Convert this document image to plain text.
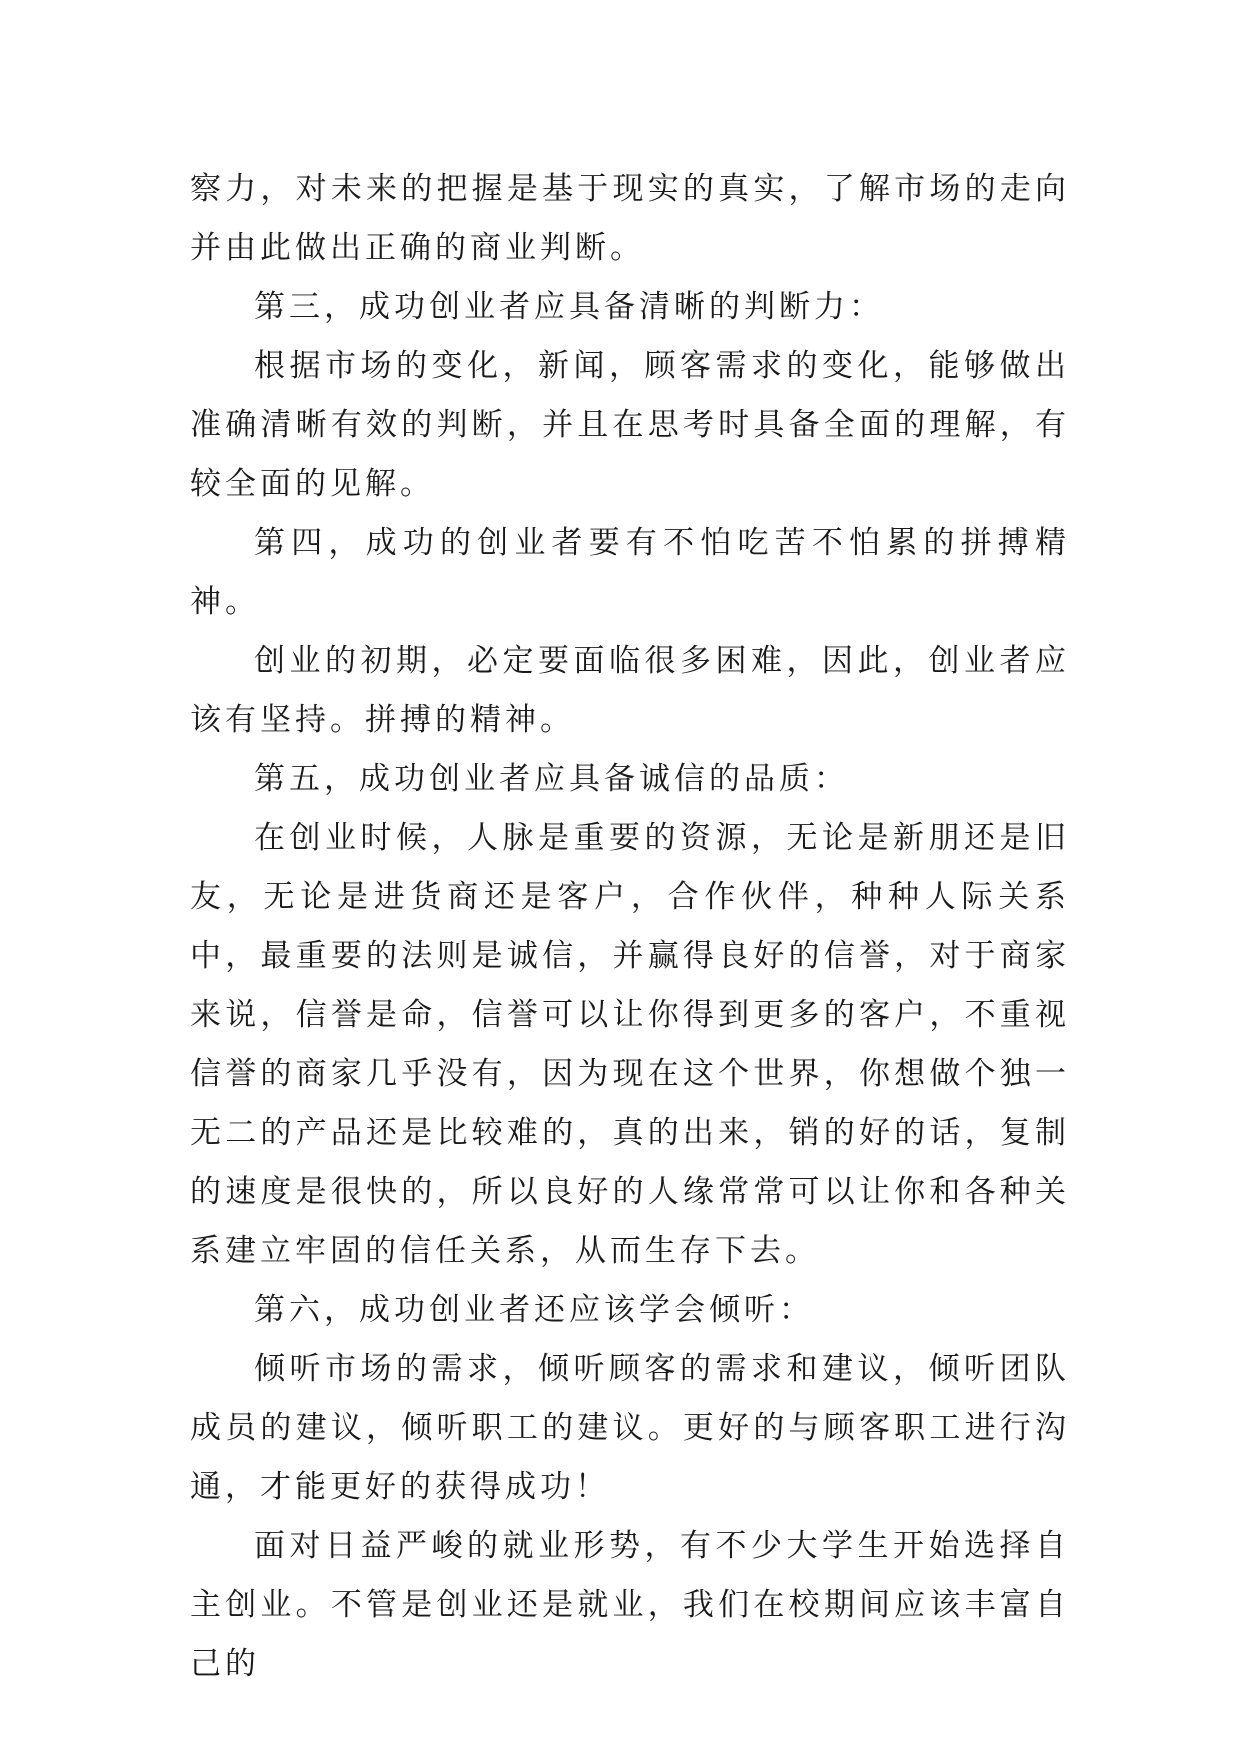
察力，对未来的把握是基于现实的真实，了解市场的走向并由此做出正确的商业判断。

第三，成功创业者应具备清晰的判断力：

根据市场的变化，新闻，顾客需求的变化，能够做出准确清晰有效的判断，并且在思考时具备全面的理解，有较全面的见解。

第四，成功的创业者要有不怕吃苦不怕累的拼搏精神。

创业的初期，必定要面临很多困难，因此，创业者应该有坚持。拼搏的精神。

第五，成功创业者应具备诚信的品质：

在创业时候，人脉是重要的资源，无论是新朋还是旧友，无论是进货商还是客户，合作伙伴，种种人际关系中，最重要的法则是诚信，并赢得良好的信誉，对于商家来说，信誉是命，信誉可以让你得到更多的客户，不重视信誉的商家几乎没有，因为现在这个世界，你想做个独一无二的产品还是比较难的，真的出来，销的好的话，复制的速度是很快的，所以良好的人缘常常可以让你和各种关系建立牢固的信任关系，从而生存下去。

第六，成功创业者还应该学会倾听：

倾听市场的需求，倾听顾客的需求和建议，倾听团队成员的建议，倾听职工的建议。更好的与顾客职工进行沟通，才能更好的获得成功！

面对日益严峻的就业形势，有不少大学生开始选择自主创业。不管是创业还是就业，我们在校期间应该丰富自己的
